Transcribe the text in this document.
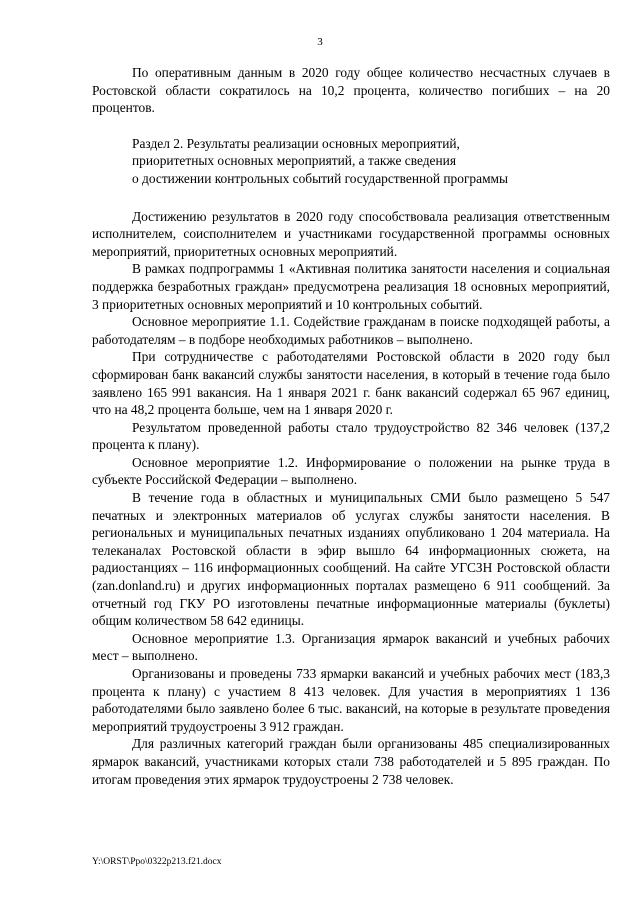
3

По оперативным данным в 2020 году общее количество несчастных случаев в Ростовской области сократилось на 10,2 процента, количество погибших – на 20 процентов.

Раздел 2. Результаты реализации основных мероприятий,

приоритетных основных мероприятий, а также сведения

о достижении контрольных событий государственной программы

Достижению результатов в 2020 году способствовала реализация ответственным исполнителем, соисполнителем и участниками государственной программы основных мероприятий, приоритетных основных мероприятий.

В рамках подпрограммы 1 «Активная политика занятости населения и социальная поддержка безработных граждан» предусмотрена реализация 18 основных мероприятий, 3 приоритетных основных мероприятий и 10 контрольных событий.

Основное мероприятие 1.1. Содействие гражданам в поиске подходящей работы, а работодателям – в подборе необходимых работников – выполнено.

При сотрудничестве с работодателями Ростовской области в 2020 году был сформирован банк вакансий службы занятости населения, в который в течение года было заявлено 165 991 вакансия. На 1 января 2021 г. банк вакансий содержал 65 967 единиц, что на 48,2 процента больше, чем на 1 января 2020 г.

Результатом проведенной работы стало трудоустройство 82 346 человек (137,2 процента к плану).

Основное мероприятие 1.2. Информирование о положении на рынке труда в субъекте Российской Федерации – выполнено.

В течение года в областных и муниципальных СМИ было размещено 5 547 печатных и электронных материалов об услугах службы занятости населения. В региональных и муниципальных печатных изданиях опубликовано 1 204 материала. На телеканалах Ростовской области в эфир вышло 64 информационных сюжета, на радиостанциях – 116 информационных сообщений. На сайте УГСЗН Ростовской области (zan.donland.ru) и других информационных порталах размещено 6 911 сообщений. За отчетный год ГКУ РО изготовлены печатные информационные материалы (буклеты) общим количеством 58 642 единицы.

Основное мероприятие 1.3. Организация ярмарок вакансий и учебных рабочих мест – выполнено.

Организованы и проведены 733 ярмарки вакансий и учебных рабочих мест (183,3 процента к плану) с участием 8 413 человек. Для участия в мероприятиях 1 136 работодателями было заявлено более 6 тыс. вакансий, на которые в результате проведения мероприятий трудоустроены 3 912 граждан.

Для различных категорий граждан были организованы 485 специализированных ярмарок вакансий, участниками которых стали 738 работодателей и 5 895 граждан. По итогам проведения этих ярмарок трудоустроены 2 738 человек.

Y:\ORST\Ppo\0322p213.f21.docx
